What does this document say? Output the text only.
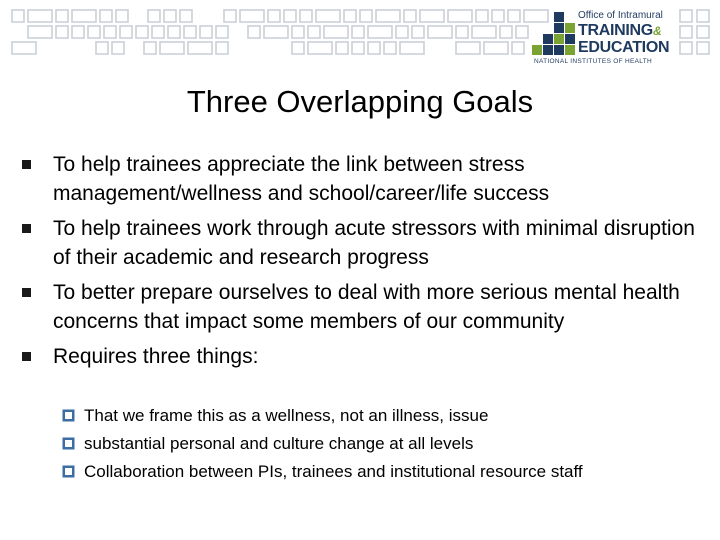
Office of Intramural
TRAINING&
EDUCATION
NATIONAL INSTITUTES OF HEALTH
Three Overlapping Goals
To help trainees appreciate the link between stress management/wellness and school/career/life success
To help trainees work through acute stressors with minimal disruption of their academic and research progress
To better prepare ourselves to deal with more serious mental health concerns that impact some members of our community
Requires three things:
That we frame this as a wellness, not an illness, issue
substantial personal and culture change at all levels
Collaboration between PIs, trainees and institutional resource staff
